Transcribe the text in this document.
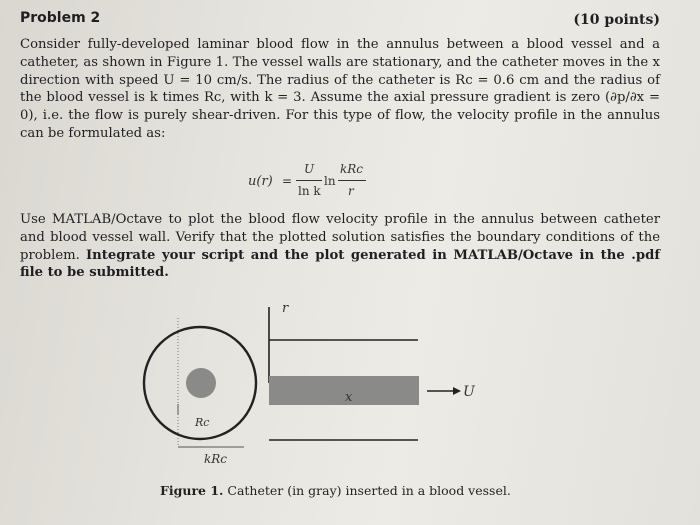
Problem 2	(10 points)
Consider fully-developed laminar blood flow in the annulus between a blood vessel and a catheter, as shown in Figure 1. The vessel walls are stationary, and the catheter moves in the x direction with speed U = 10 cm/s. The radius of the catheter is Rc = 0.6 cm and the radius of the blood vessel is k times Rc, with k = 3. Assume the axial pressure gradient is zero (∂p/∂x = 0), i.e. the flow is purely shear-driven. For this type of flow, the velocity profile in the annulus can be formulated as:
u(r) =
U
ln k
ln
kRc
r
Use MATLAB/Octave to plot the blood flow velocity profile in the annulus between catheter and blood vessel wall. Verify that the plotted solution satisfies the boundary conditions of the problem. Integrate your script and the plot generated in MATLAB/Octave in the .pdf file to be submitted.
r
x	U
Rc
kRc
Figure 1. Catheter (in gray) inserted in a blood vessel.
